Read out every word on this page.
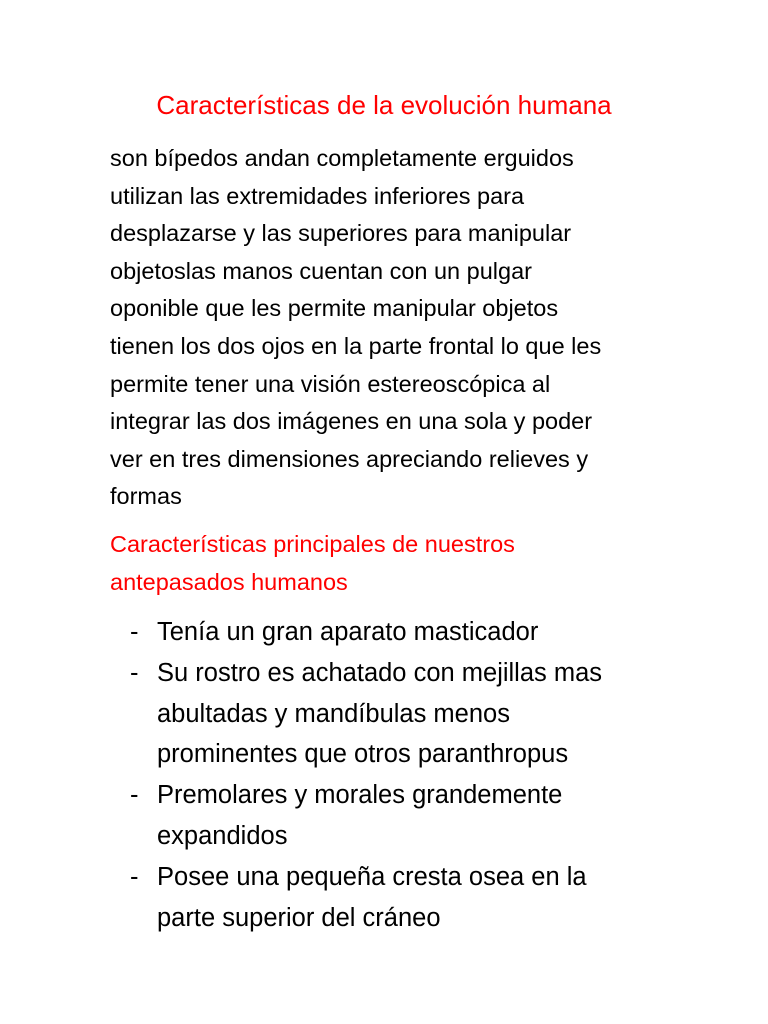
Características de la evolución humana

son bípedos andan completamente erguidos
utilizan las extremidades inferiores para
desplazarse y las superiores para manipular
objetoslas manos cuentan con un pulgar
oponible que les permite manipular objetos
tienen los dos ojos en la parte frontal lo que les
permite tener una visión estereoscópica al
integrar las dos imágenes en una sola y poder
ver en tres dimensiones apreciando relieves y
formas

Características principales de nuestros
antepasados humanos
- Tenía un gran aparato masticador
- Su rostro es achatado con mejillas mas
abultadas y mandíbulas menos
prominentes que otros paranthropus
- Premolares y morales grandemente
expandidos
- Posee una pequeña cresta osea en la
parte superior del cráneo
